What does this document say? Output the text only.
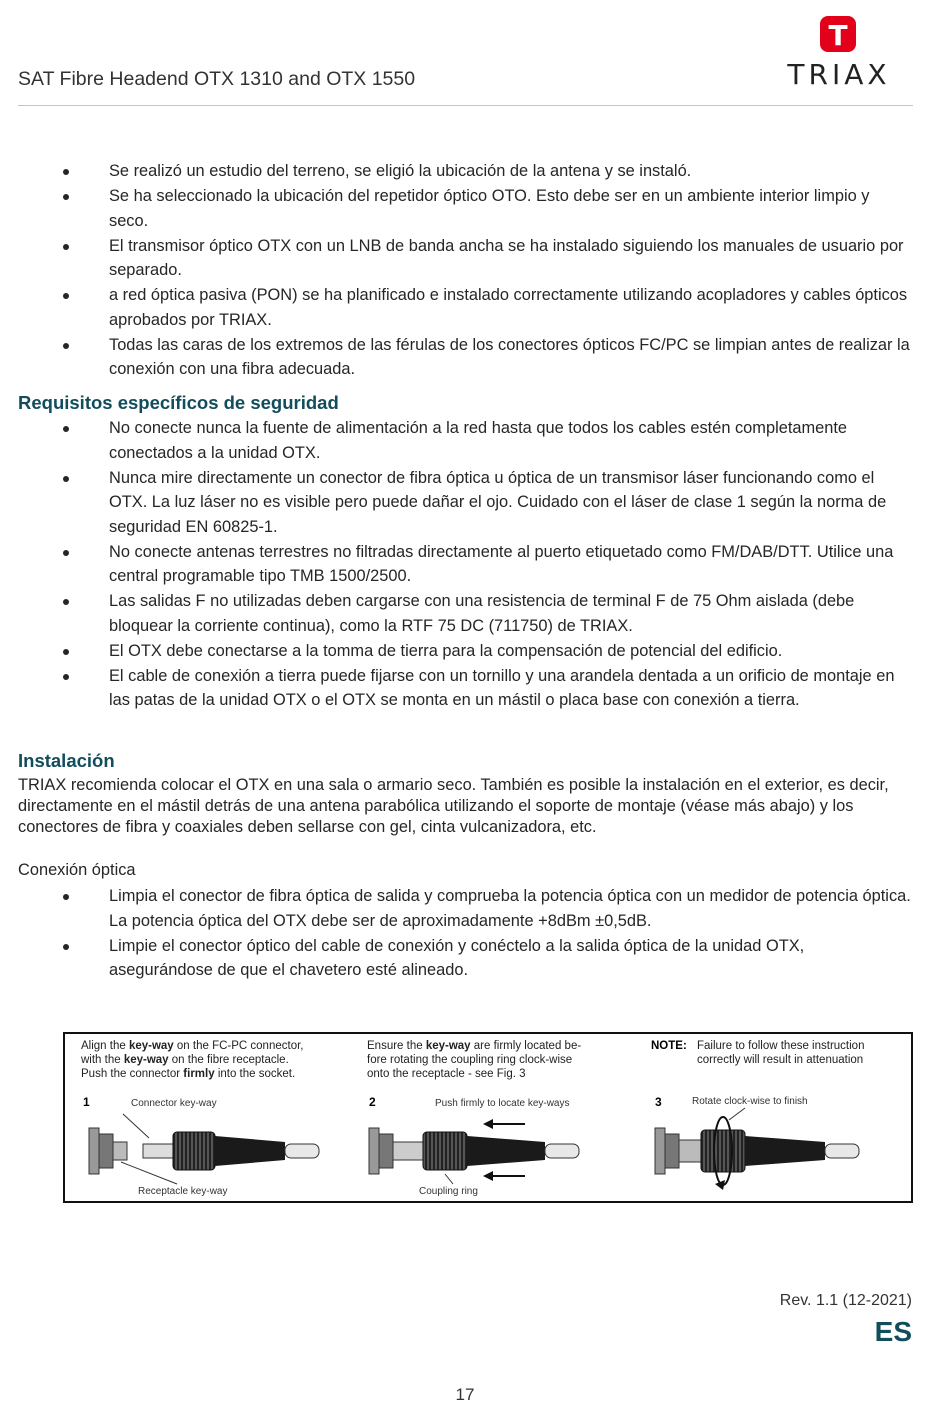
SAT Fibre Headend OTX 1310 and OTX 1550
T
TRIAX
Se realizó un estudio del terreno, se eligió la ubicación de la antena y se instaló.
Se ha seleccionado la ubicación del repetidor óptico OTO. Esto debe ser en un ambiente interior limpio y seco.
El transmisor óptico OTX con un LNB de banda ancha se ha instalado siguiendo los manuales de usuario por separado.
a red óptica pasiva (PON) se ha planificado e instalado correctamente utilizando acopladores y cables ópticos aprobados por TRIAX.
Todas las caras de los extremos de las férulas de los conectores ópticos FC/PC se limpian antes de realizar la conexión con una fibra adecuada.
Requisitos específicos de seguridad
No conecte nunca la fuente de alimentación a la red hasta que todos los cables estén completamente conectados a la unidad OTX.
Nunca mire directamente un conector de fibra óptica u óptica de un transmisor láser funcionando como el OTX. La luz láser no es visible pero puede dañar el ojo. Cuidado con el láser de clase 1 según la norma de seguridad EN 60825-1.
No conecte antenas terrestres no filtradas directamente al puerto etiquetado como FM/DAB/DTT. Utilice una central programable tipo TMB 1500/2500.
Las salidas F no utilizadas deben cargarse con una resistencia de terminal F de 75 Ohm aislada (debe bloquear la corriente continua), como la RTF 75 DC (711750) de TRIAX.
El OTX debe conectarse a la tomma de tierra para la compensación de potencial del edificio.
El cable de conexión a tierra puede fijarse con un tornillo y una arandela dentada a un orificio de montaje en las patas de la unidad OTX o el OTX se monta en un mástil o placa base con conexión a tierra.
Instalación
TRIAX recomienda colocar el OTX en una sala o armario seco. También es posible la instalación en el exterior, es decir, directamente en el mástil detrás de una antena parabólica utilizando el soporte de montaje (véase más abajo) y los conectores de fibra y coaxiales deben sellarse con gel, cinta vulcanizadora, etc.
Conexión óptica
Limpia el conector de fibra óptica de salida y comprueba la potencia óptica con un medidor de potencia óptica. La potencia óptica del OTX debe ser de aproximadamente +8dBm ±0,5dB.
Limpie el conector óptico del cable de conexión y conéctelo a la salida óptica de la unidad OTX, asegurándose de que el chavetero esté alineado.
Align the key-way on the FC-PC connector, with the key-way on the fibre receptacle. Push the connector firmly into the socket.
1	Connector key-way
Receptacle key-way
Ensure the key-way are firmly located be- fore rotating the coupling ring clock-wise onto the receptacle - see Fig. 3
2	Push firmly to locate key-ways
Coupling ring
NOTE: Failure to follow these instruction correctly will result in attenuation
3	Rotate clock-wise to finish
Rev. 1.1 (12-2021)
ES
17
